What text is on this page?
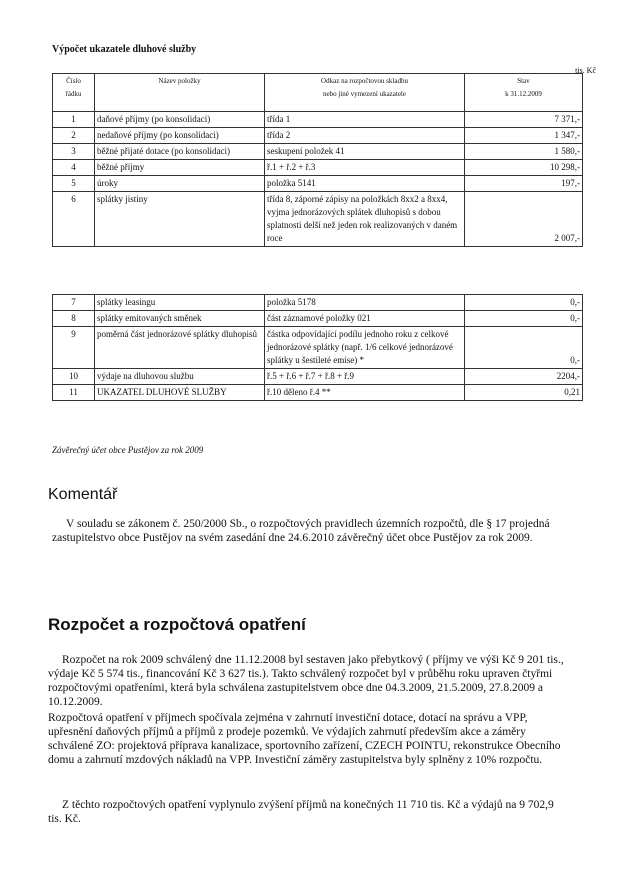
Výpočet ukazatele dluhové služby
tis. Kč
Číslo
řádku	Název položky	Odkaz na rozpočtovou skladbu
nebo jiné vymezení ukazatele	Stav
k 31.12.2009
1	daňové příjmy (po konsolidaci)	třída 1	7 371,-
2	nedaňové příjmy (po konsolidaci)	třída 2	1 347,-
3	běžné přijaté dotace (po konsolidaci)	seskupení položek 41	1 580,-
4	běžné příjmy	ř.1 + ř.2 + ř.3	10 298,-
5	úroky	položka 5141	197,-
6	splátky jistiny	třída 8, záporné zápisy na položkách 8xx2 a 8xx4, vyjma jednorázových splátek dluhopisů s dobou splatnosti delší než jeden rok realizovaných v daném roce	2 007,-
7	splátky leasingu	položka 5178	0,-
8	splátky emitovaných směnek	část záznamové položky 021	0,-
9	poměrná část jednorázové splátky dluhopisů	částka odpovídající podílu jednoho roku z celkové jednorázové splátky (např. 1/6 celkové jednorázové splátky u šestileté emise) *	0,-
10	výdaje na dluhovou službu	ř.5 + ř.6 + ř.7 + ř.8 + ř.9	2204,-
11	UKAZATEL DLUHOVÉ SLUŽBY	ř.10 děleno ř.4 **	0,21
Závěrečný účet obce Pustějov za rok 2009
Komentář

V souladu se zákonem č. 250/2000 Sb., o rozpočtových pravidlech územních rozpočtů, dle § 17 projedná zastupitelstvo obce Pustějov na svém zasedání dne 24.6.2010 závěrečný účet obce Pustějov za rok 2009.

Rozpočet a rozpočtová opatření

Rozpočet na rok 2009 schválený dne 11.12.2008 byl sestaven jako přebytkový ( příjmy ve výši Kč 9 201 tis., výdaje Kč 5 574 tis., financování Kč 3 627 tis.). Takto schválený rozpočet byl v průběhu roku upraven čtyřmi rozpočtovými opatřeními, která byla schválena zastupitelstvem obce dne 04.3.2009, 21.5.2009, 27.8.2009 a 10.12.2009.

Rozpočtová opatření v příjmech spočívala zejména v zahrnutí investiční dotace, dotací na správu a VPP, upřesnění daňových příjmů a příjmů z prodeje pozemků. Ve výdajích zahrnutí především akce a záměry schválené ZO: projektová příprava kanalizace, sportovního zařízení, CZECH POINTU, rekonstrukce Obecního domu a zahrnutí mzdových nákladů na VPP. Investiční záměry zastupitelstva byly splněny z 10% rozpočtu.

Z těchto rozpočtových opatření vyplynulo zvýšení příjmů na konečných 11 710 tis. Kč a výdajů na 9 702,9 tis. Kč.
